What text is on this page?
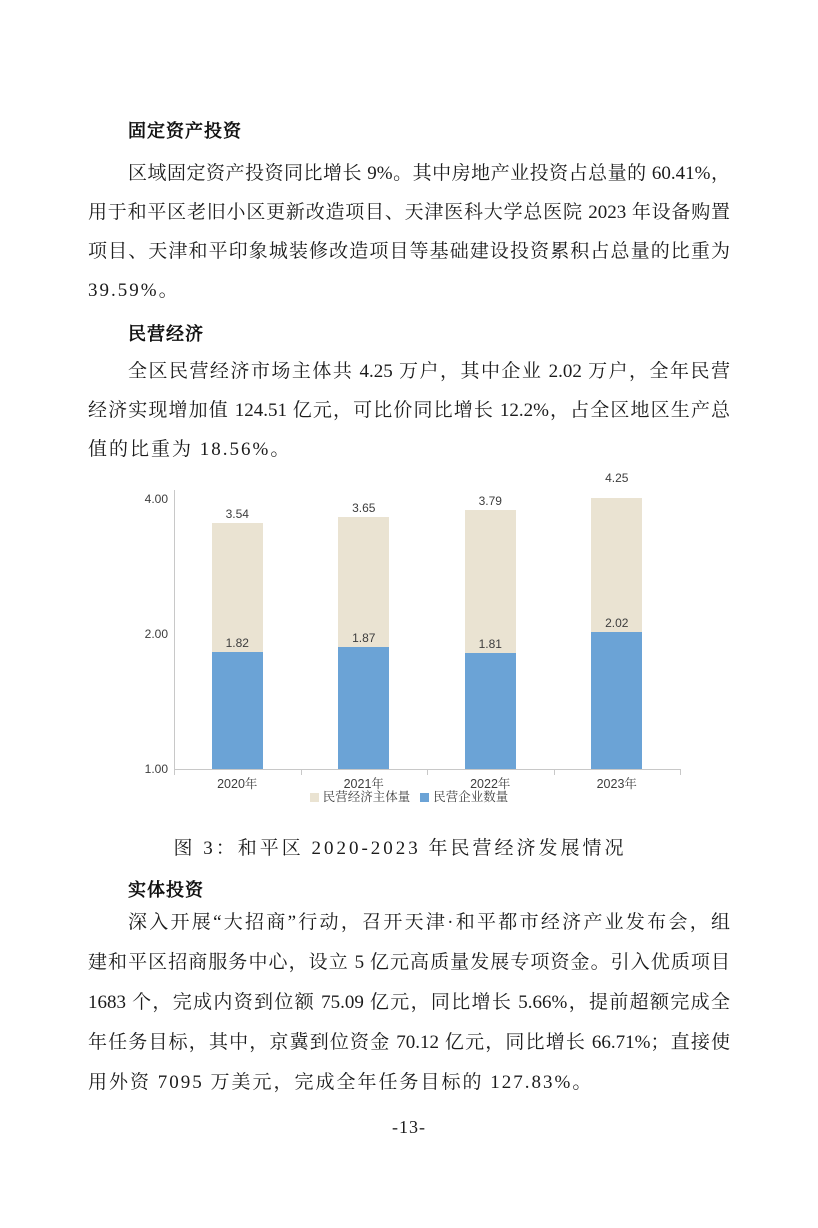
固定资产投资
区域固定资产投资同比增长 9%。其中房地产业投资占总量的 60.41%，
用于和平区老旧小区更新改造项目、天津医科大学总医院 2023 年设备购置
项目、天津和平印象城装修改造项目等基础建设投资累积占总量的比重为
39.59%。
民营经济
全区民营经济市场主体共 4.25 万户，其中企业 2.02 万户，全年民营
经济实现增加值 124.51 亿元，可比价同比增长 12.2%，占全区地区生产总
值的比重为 18.56%。
实体投资
深入开展“大招商”行动，召开天津·和平都市经济产业发布会，组
建和平区招商服务中心，设立 5 亿元高质量发展专项资金。引入优质项目
1683 个，完成内资到位额 75.09 亿元，同比增长 5.66%，提前超额完成全
年任务目标，其中，京冀到位资金 70.12 亿元，同比增长 66.71%；直接使
用外资 7095 万美元，完成全年任务目标的 127.83%。
4.00
2.00
1.00
3.54
1.82
2020年
3.65
1.87
2021年
3.79
1.81
2022年
4.25
2.02
2023年
民营经济主体量 民营企业数量
图 3：和平区 2020-2023 年民营经济发展情况
-13-
